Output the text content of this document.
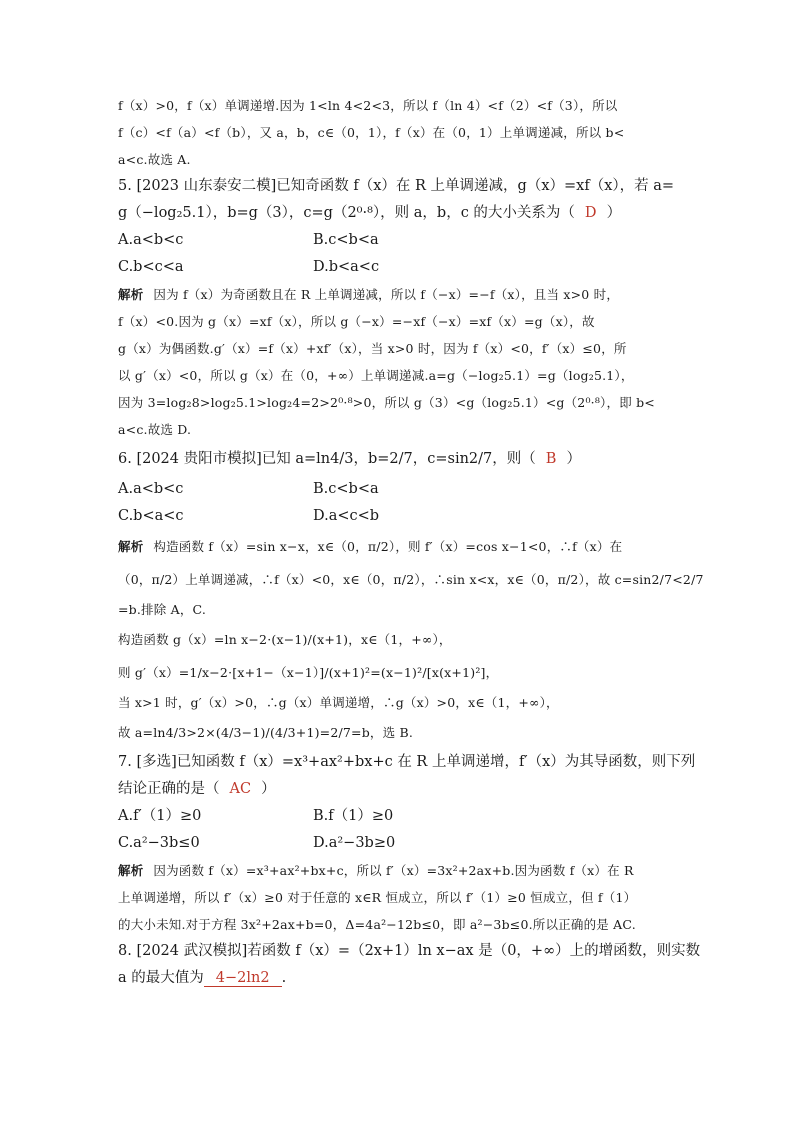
f（x）>0，f（x）单调递增.因为 1<ln 4<2<3，所以 f（ln 4）<f（2）<f（3），所以
f（c）<f（a）<f（b），又 a，b，c∈（0，1），f（x）在（0，1）上单调递减，所以 b<
a<c.故选 A.
5. [2023 山东泰安二模]已知奇函数 f（x）在 R 上单调递减，g（x）=xf（x），若 a=
g（−log₂5.1），b=g（3），c=g（2⁰·⁸），则 a，b，c 的大小关系为（ D ）
A.a<b<c	B.c<b<a
C.b<c<a	D.b<a<c
解析 因为 f（x）为奇函数且在 R 上单调递减，所以 f（−x）=−f（x），且当 x>0 时，
f（x）<0.因为 g（x）=xf（x），所以 g（−x）=−xf（−x）=xf（x）=g（x），故
g（x）为偶函数.g′（x）=f（x）+xf′（x），当 x>0 时，因为 f（x）<0，f′（x）≤0，所
以 g′（x）<0，所以 g（x）在（0，+∞）上单调递减.a=g（−log₂5.1）=g（log₂5.1），
因为 3=log₂8>log₂5.1>log₂4=2>2⁰·⁸>0，所以 g（3）<g（log₂5.1）<g（2⁰·⁸），即 b<
a<c.故选 D.
6. [2024 贵阳市模拟]已知 a=ln4/3，b=2/7，c=sin2/7，则（ B ）
A.a<b<c	B.c<b<a
C.b<a<c	D.a<c<b
解析 构造函数 f（x）=sin x−x，x∈（0，π/2），则 f′（x）=cos x−1<0，∴f（x）在
（0，π/2）上单调递减，∴f（x）<0，x∈（0，π/2），∴sin x<x，x∈（0，π/2），故 c=sin2/7<2/7
=b.排除 A，C.
构造函数 g（x）=ln x−2·(x−1)/(x+1)，x∈（1，+∞），
则 g′（x）=1/x−2·[x+1−（x−1）]/(x+1)²=(x−1)²/[x(x+1)²]，
当 x>1 时，g′（x）>0，∴g（x）单调递增，∴g（x）>0，x∈（1，+∞），
故 a=ln4/3>2×(4/3−1)/(4/3+1)=2/7=b，选 B.
7. [多选]已知函数 f（x）=x³+ax²+bx+c 在 R 上单调递增，f′（x）为其导函数，则下列
结论正确的是（ AC ）
A.f′（1）≥0	B.f（1）≥0
C.a²−3b≤0	D.a²−3b≥0
解析 因为函数 f（x）=x³+ax²+bx+c，所以 f′（x）=3x²+2ax+b.因为函数 f（x）在 R
上单调递增，所以 f′（x）≥0 对于任意的 x∈R 恒成立，所以 f′（1）≥0 恒成立，但 f（1）
的大小未知.对于方程 3x²+2ax+b=0，Δ=4a²−12b≤0，即 a²−3b≤0.所以正确的是 AC.
8. [2024 武汉模拟]若函数 f（x）=（2x+1）ln x−ax 是（0，+∞）上的增函数，则实数
a 的最大值为 4−2ln2 .
